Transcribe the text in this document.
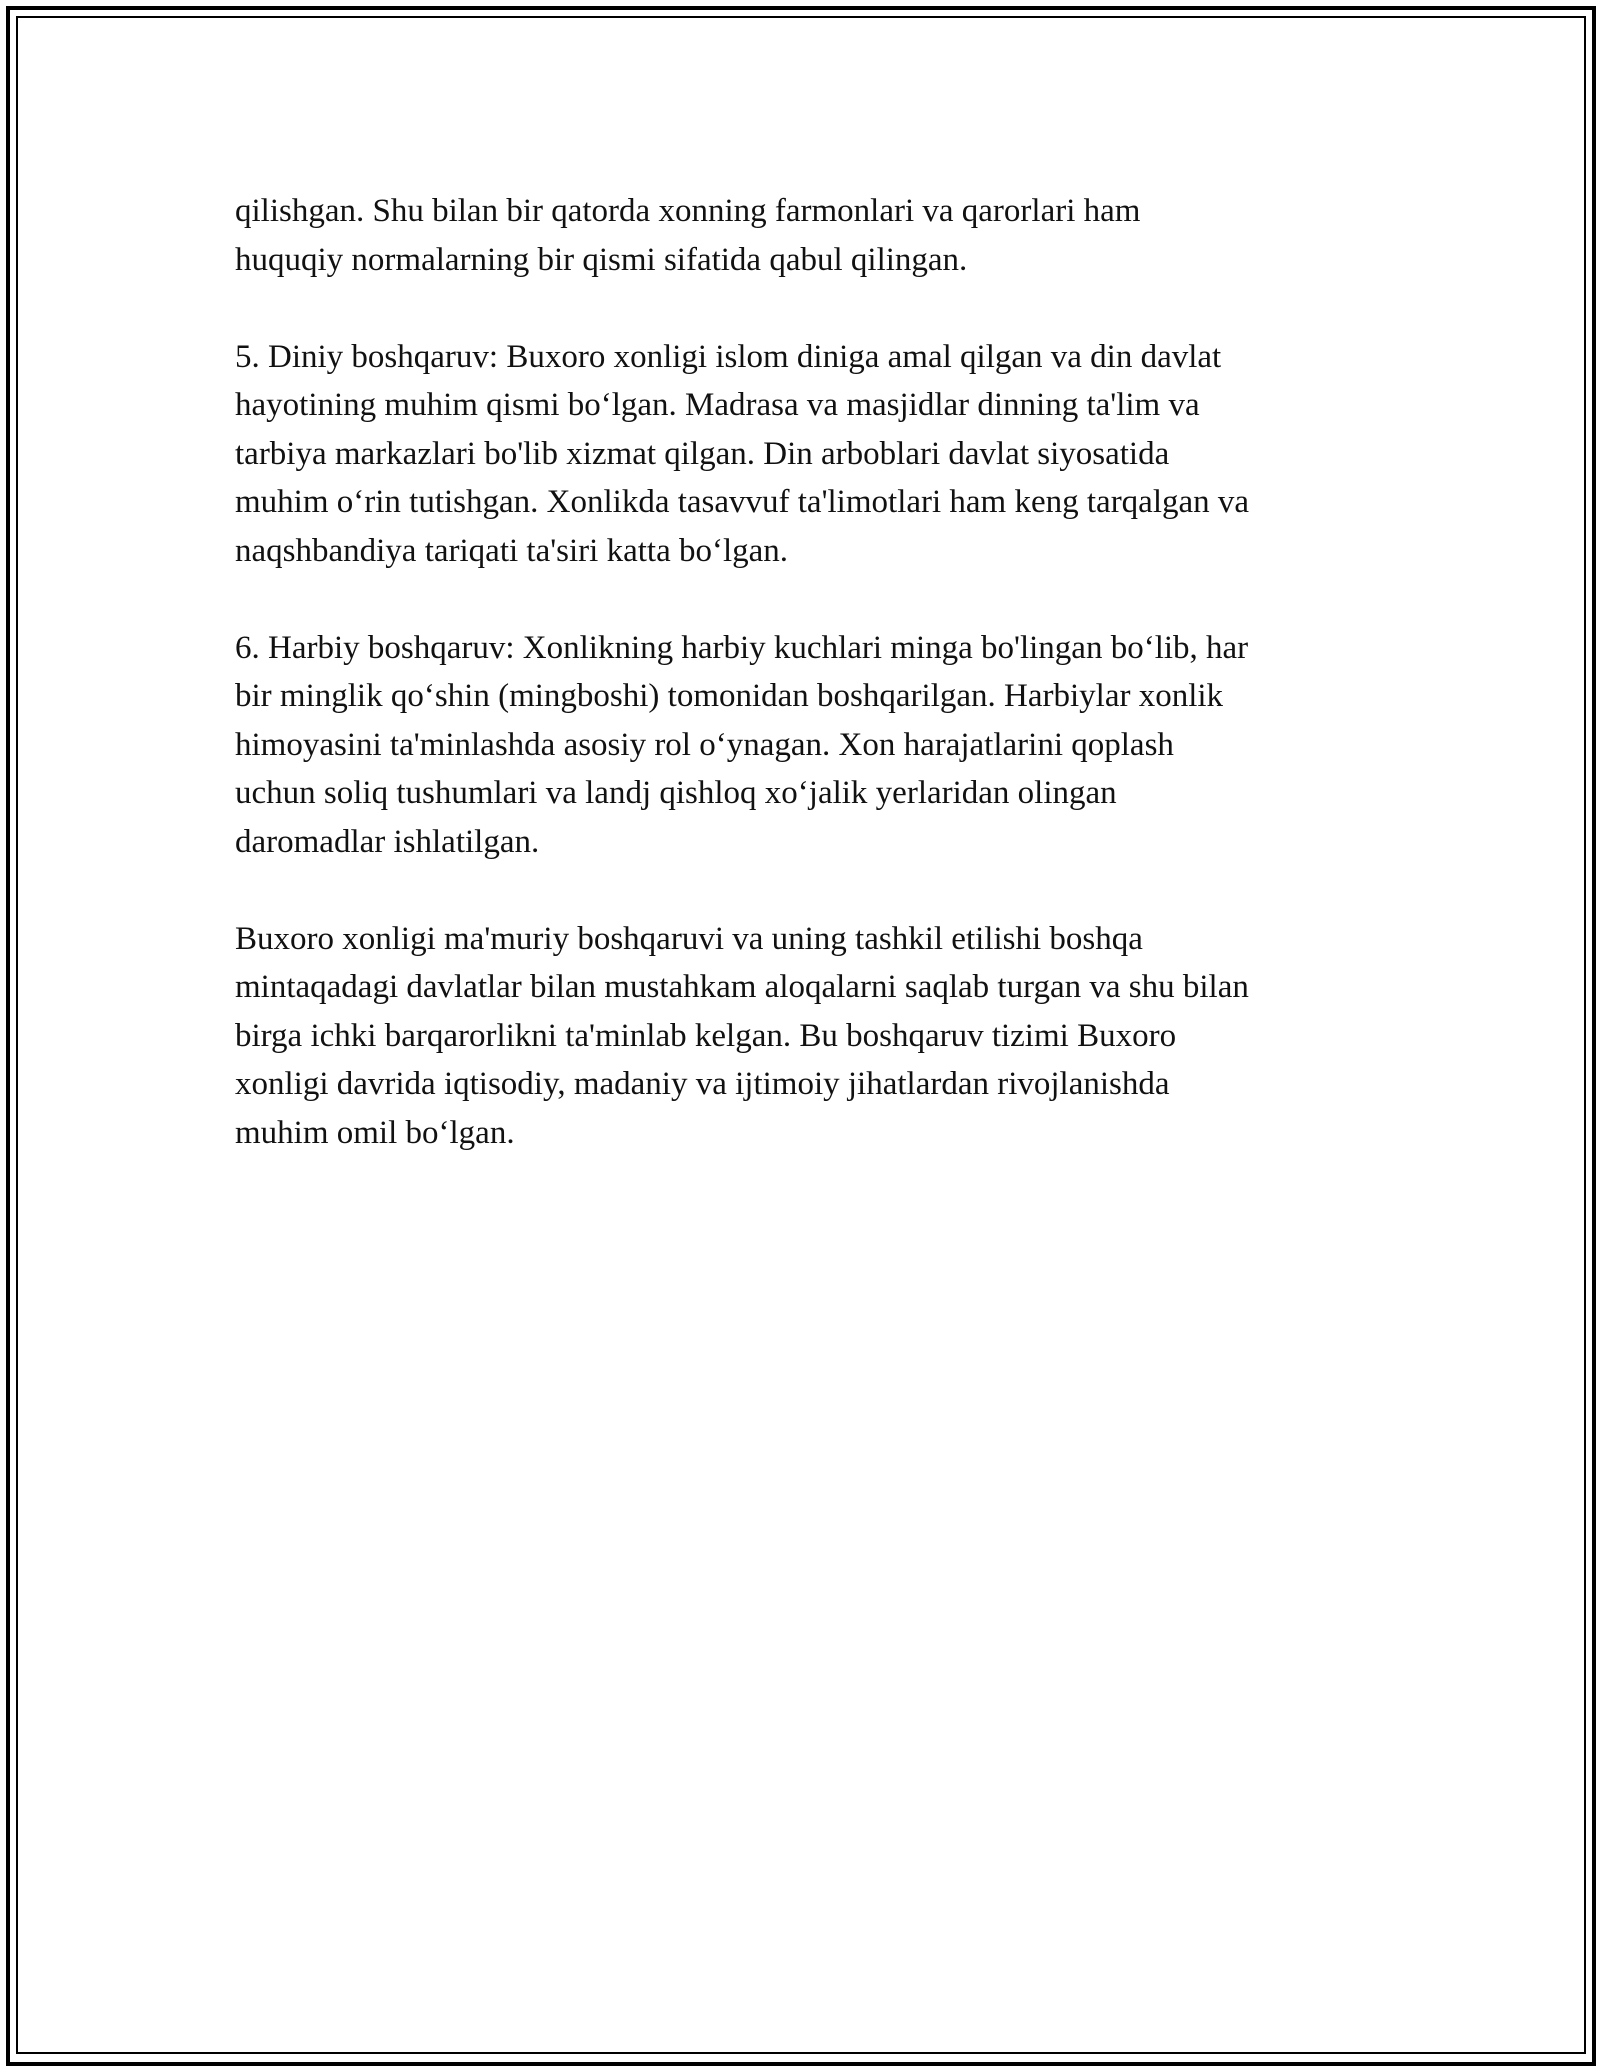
qilishgan. Shu bilan bir qatorda xonning farmonlari va qarorlari ham
huquqiy normalarning bir qismi sifatida qabul qilingan.

5. Diniy boshqaruv: Buxoro xonligi islom diniga amal qilgan va din davlat
hayotining muhim qismi bo‘lgan. Madrasa va masjidlar dinning ta'lim va
tarbiya markazlari bo'lib xizmat qilgan. Din arboblari davlat siyosatida
muhim o‘rin tutishgan. Xonlikda tasavvuf ta'limotlari ham keng tarqalgan va
naqshbandiya tariqati ta'siri katta bo‘lgan.

6. Harbiy boshqaruv: Xonlikning harbiy kuchlari minga bo'lingan bo‘lib, har
bir minglik qo‘shin (mingboshi) tomonidan boshqarilgan. Harbiylar xonlik
himoyasini ta'minlashda asosiy rol o‘ynagan. Xon harajatlarini qoplash
uchun soliq tushumlari va landj qishloq xo‘jalik yerlaridan olingan
daromadlar ishlatilgan.

Buxoro xonligi ma'muriy boshqaruvi va uning tashkil etilishi boshqa
mintaqadagi davlatlar bilan mustahkam aloqalarni saqlab turgan va shu bilan
birga ichki barqarorlikni ta'minlab kelgan. Bu boshqaruv tizimi Buxoro
xonligi davrida iqtisodiy, madaniy va ijtimoiy jihatlardan rivojlanishda
muhim omil bo‘lgan.
